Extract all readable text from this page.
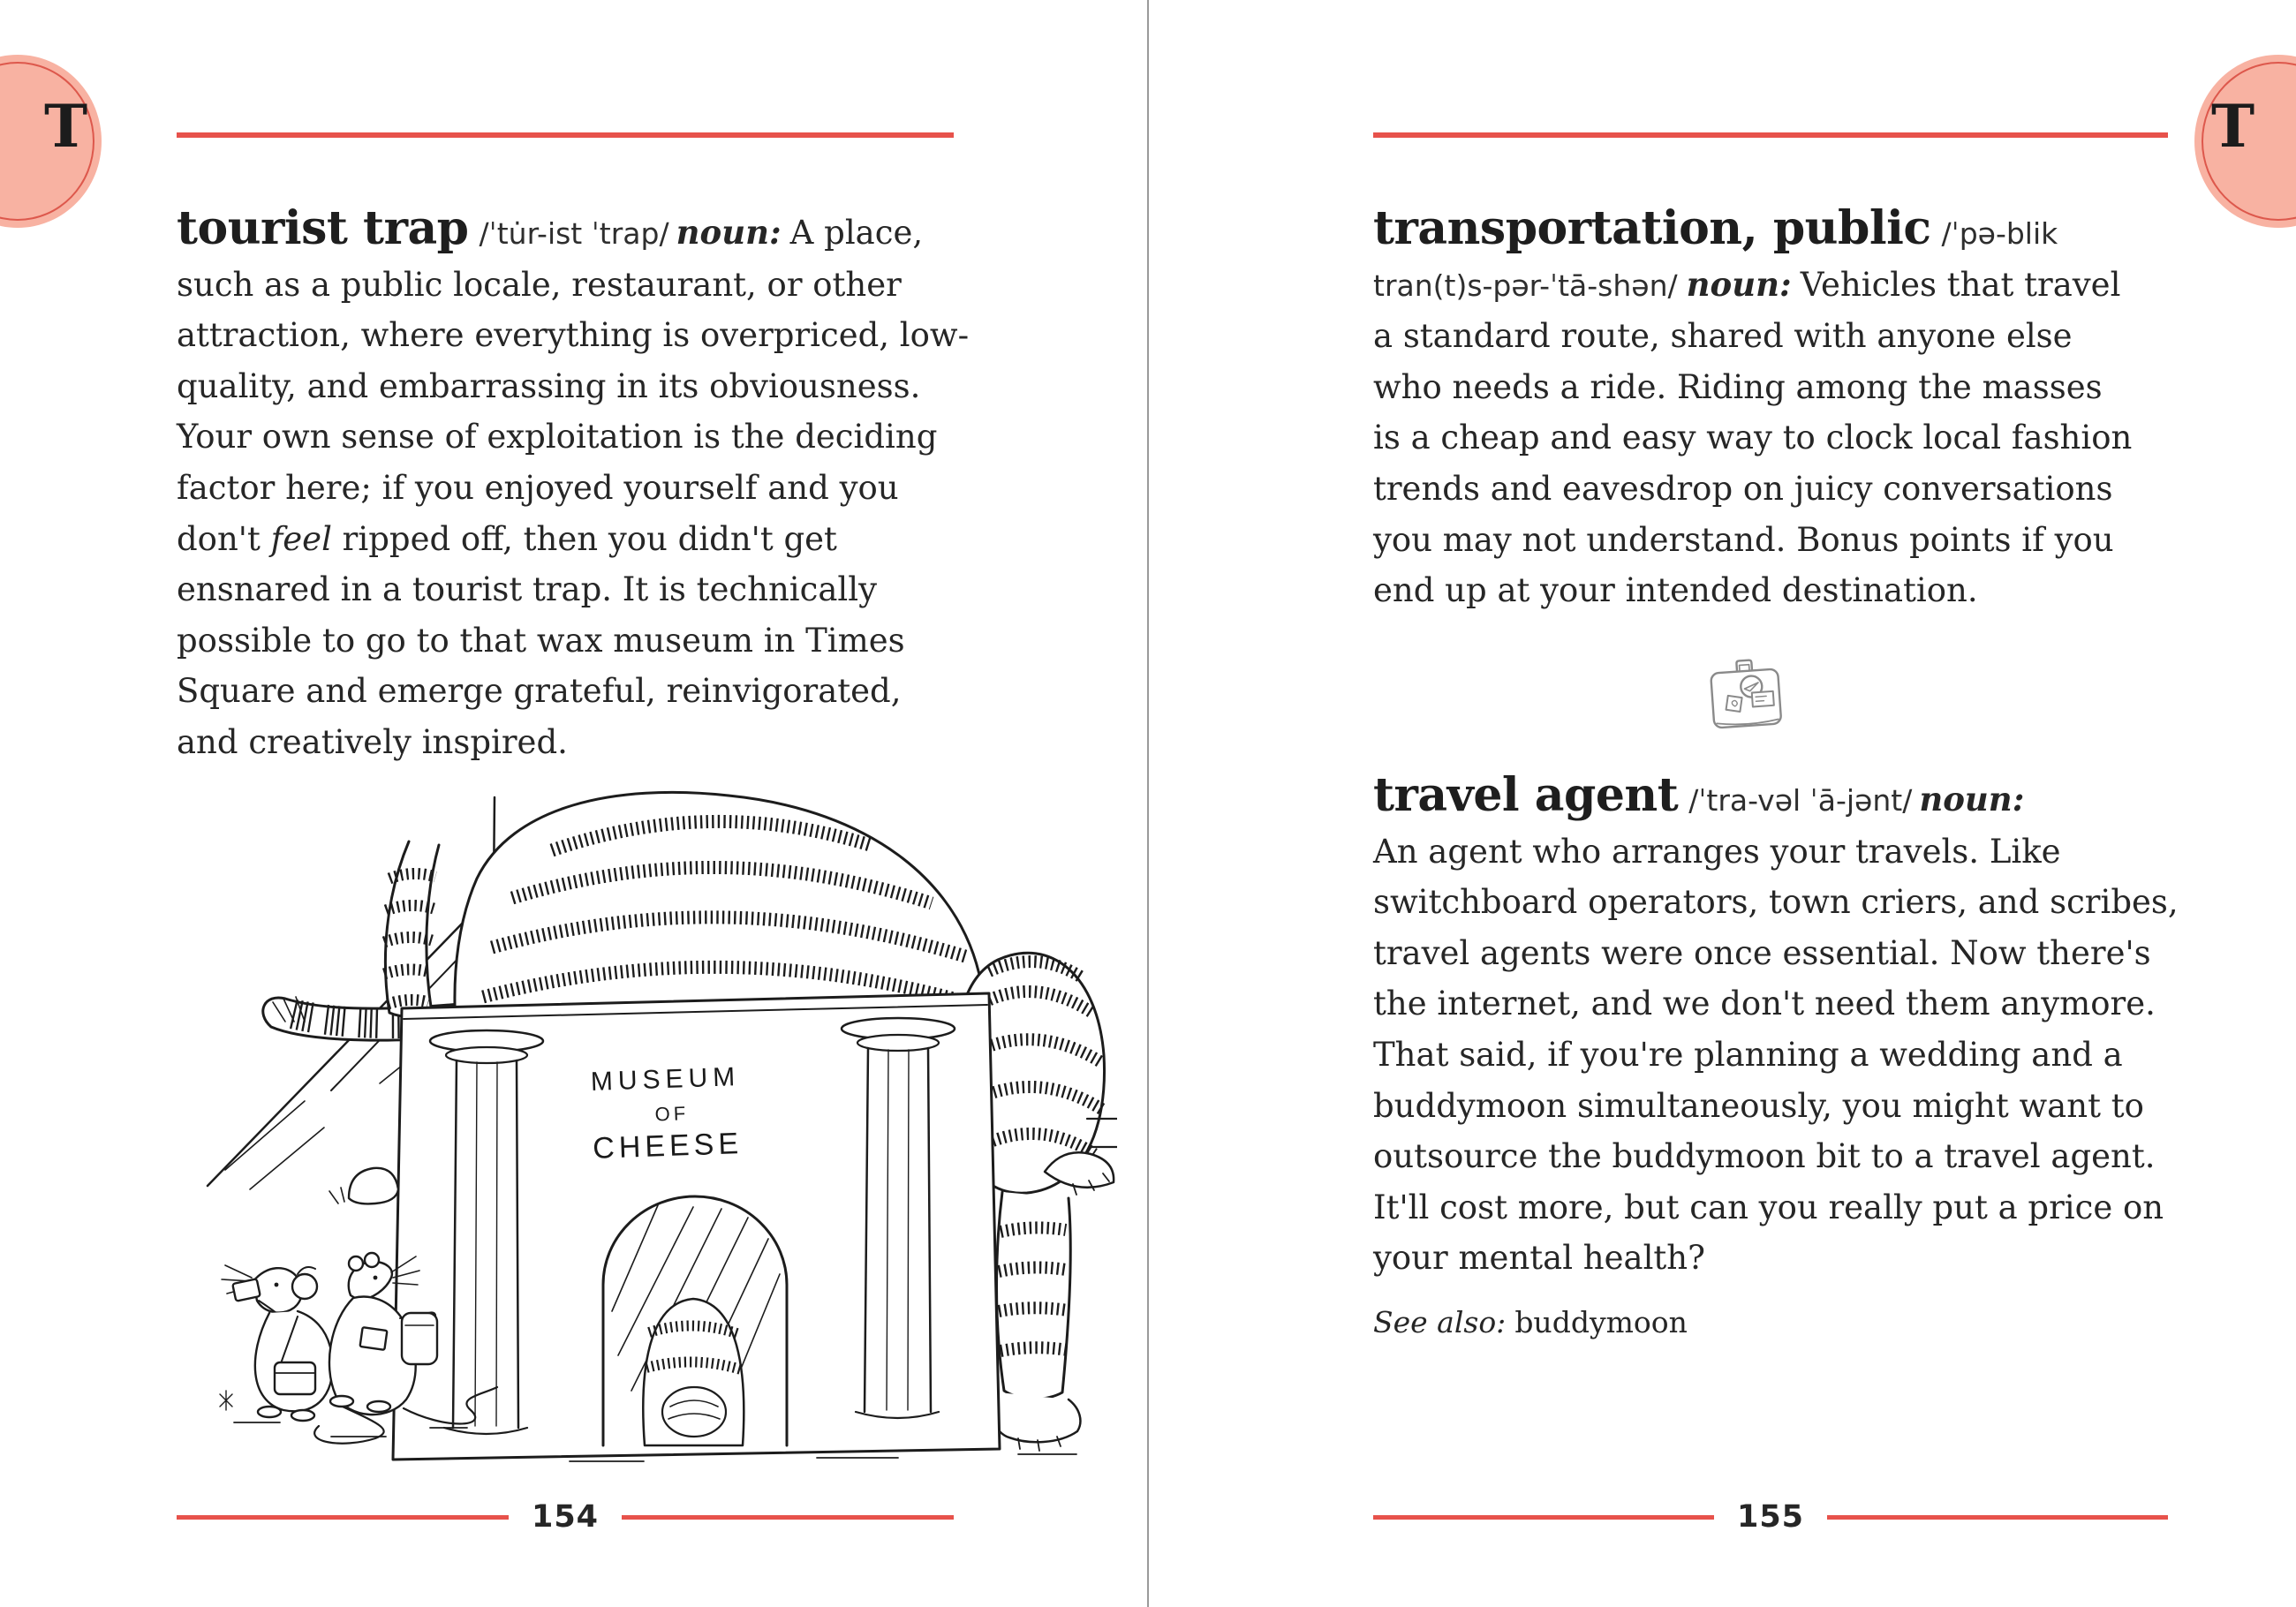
T
tourist trap /ˈtu̇r-ist ˈtrap/ noun: A place,
such as a public locale, restaurant, or other
attraction, where everything is overpriced, low-
quality, and embarrassing in its obviousness.
Your own sense of exploitation is the deciding
factor here; if you enjoyed yourself and you
don't feel ripped off, then you didn't get
ensnared in a tourist trap. It is technically
possible to go to that wax museum in Times
Square and emerge grateful, reinvigorated,
and creatively inspired.
MUSEUM
OF
CHEESE
154
T
transportation, public /ˈpə-blik
tran(t)s-pər-ˈtā-shən/ noun: Vehicles that travel
a standard route, shared with anyone else
who needs a ride. Riding among the masses
is a cheap and easy way to clock local fashion
trends and eavesdrop on juicy conversations
you may not understand. Bonus points if you
end up at your intended destination.
travel agent /ˈtra-vəl ˈā-jənt/ noun:
An agent who arranges your travels. Like
switchboard operators, town criers, and scribes,
travel agents were once essential. Now there's
the internet, and we don't need them anymore.
That said, if you're planning a wedding and a
buddymoon simultaneously, you might want to
outsource the buddymoon bit to a travel agent.
It'll cost more, but can you really put a price on
your mental health?
See also: buddymoon
155
